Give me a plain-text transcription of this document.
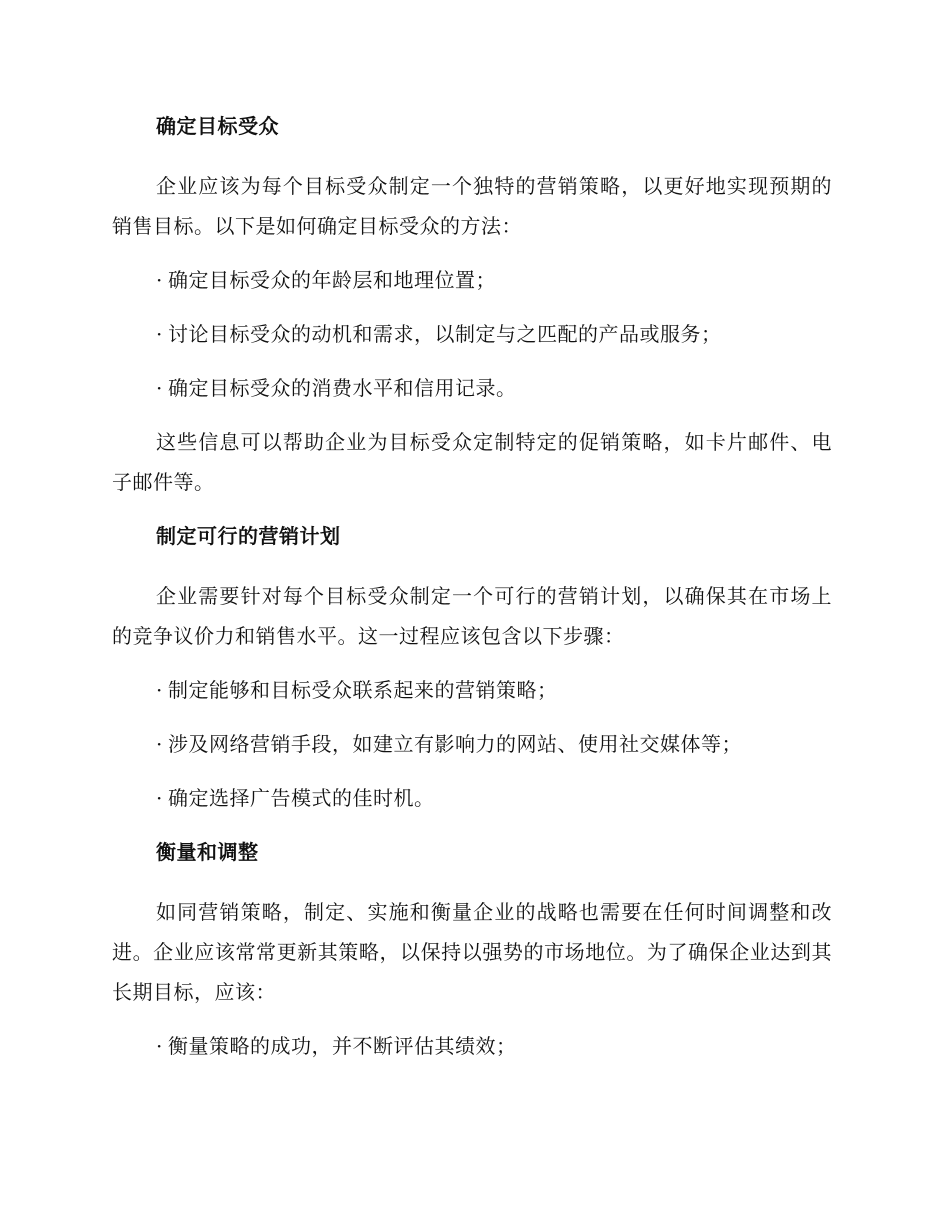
确定目标受众
企业应该为每个目标受众制定一个独特的营销策略，以更好地实现预期的销售目标。以下是如何确定目标受众的方法：
· 确定目标受众的年龄层和地理位置；
· 讨论目标受众的动机和需求，以制定与之匹配的产品或服务；
· 确定目标受众的消费水平和信用记录。
这些信息可以帮助企业为目标受众定制特定的促销策略，如卡片邮件、电子邮件等。
制定可行的营销计划
企业需要针对每个目标受众制定一个可行的营销计划，以确保其在市场上的竞争议价力和销售水平。这一过程应该包含以下步骤：
· 制定能够和目标受众联系起来的营销策略；
· 涉及网络营销手段，如建立有影响力的网站、使用社交媒体等；
· 确定选择广告模式的佳时机。
衡量和调整
如同营销策略，制定、实施和衡量企业的战略也需要在任何时间调整和改进。企业应该常常更新其策略，以保持以强势的市场地位。为了确保企业达到其长期目标，应该：
· 衡量策略的成功，并不断评估其绩效；
